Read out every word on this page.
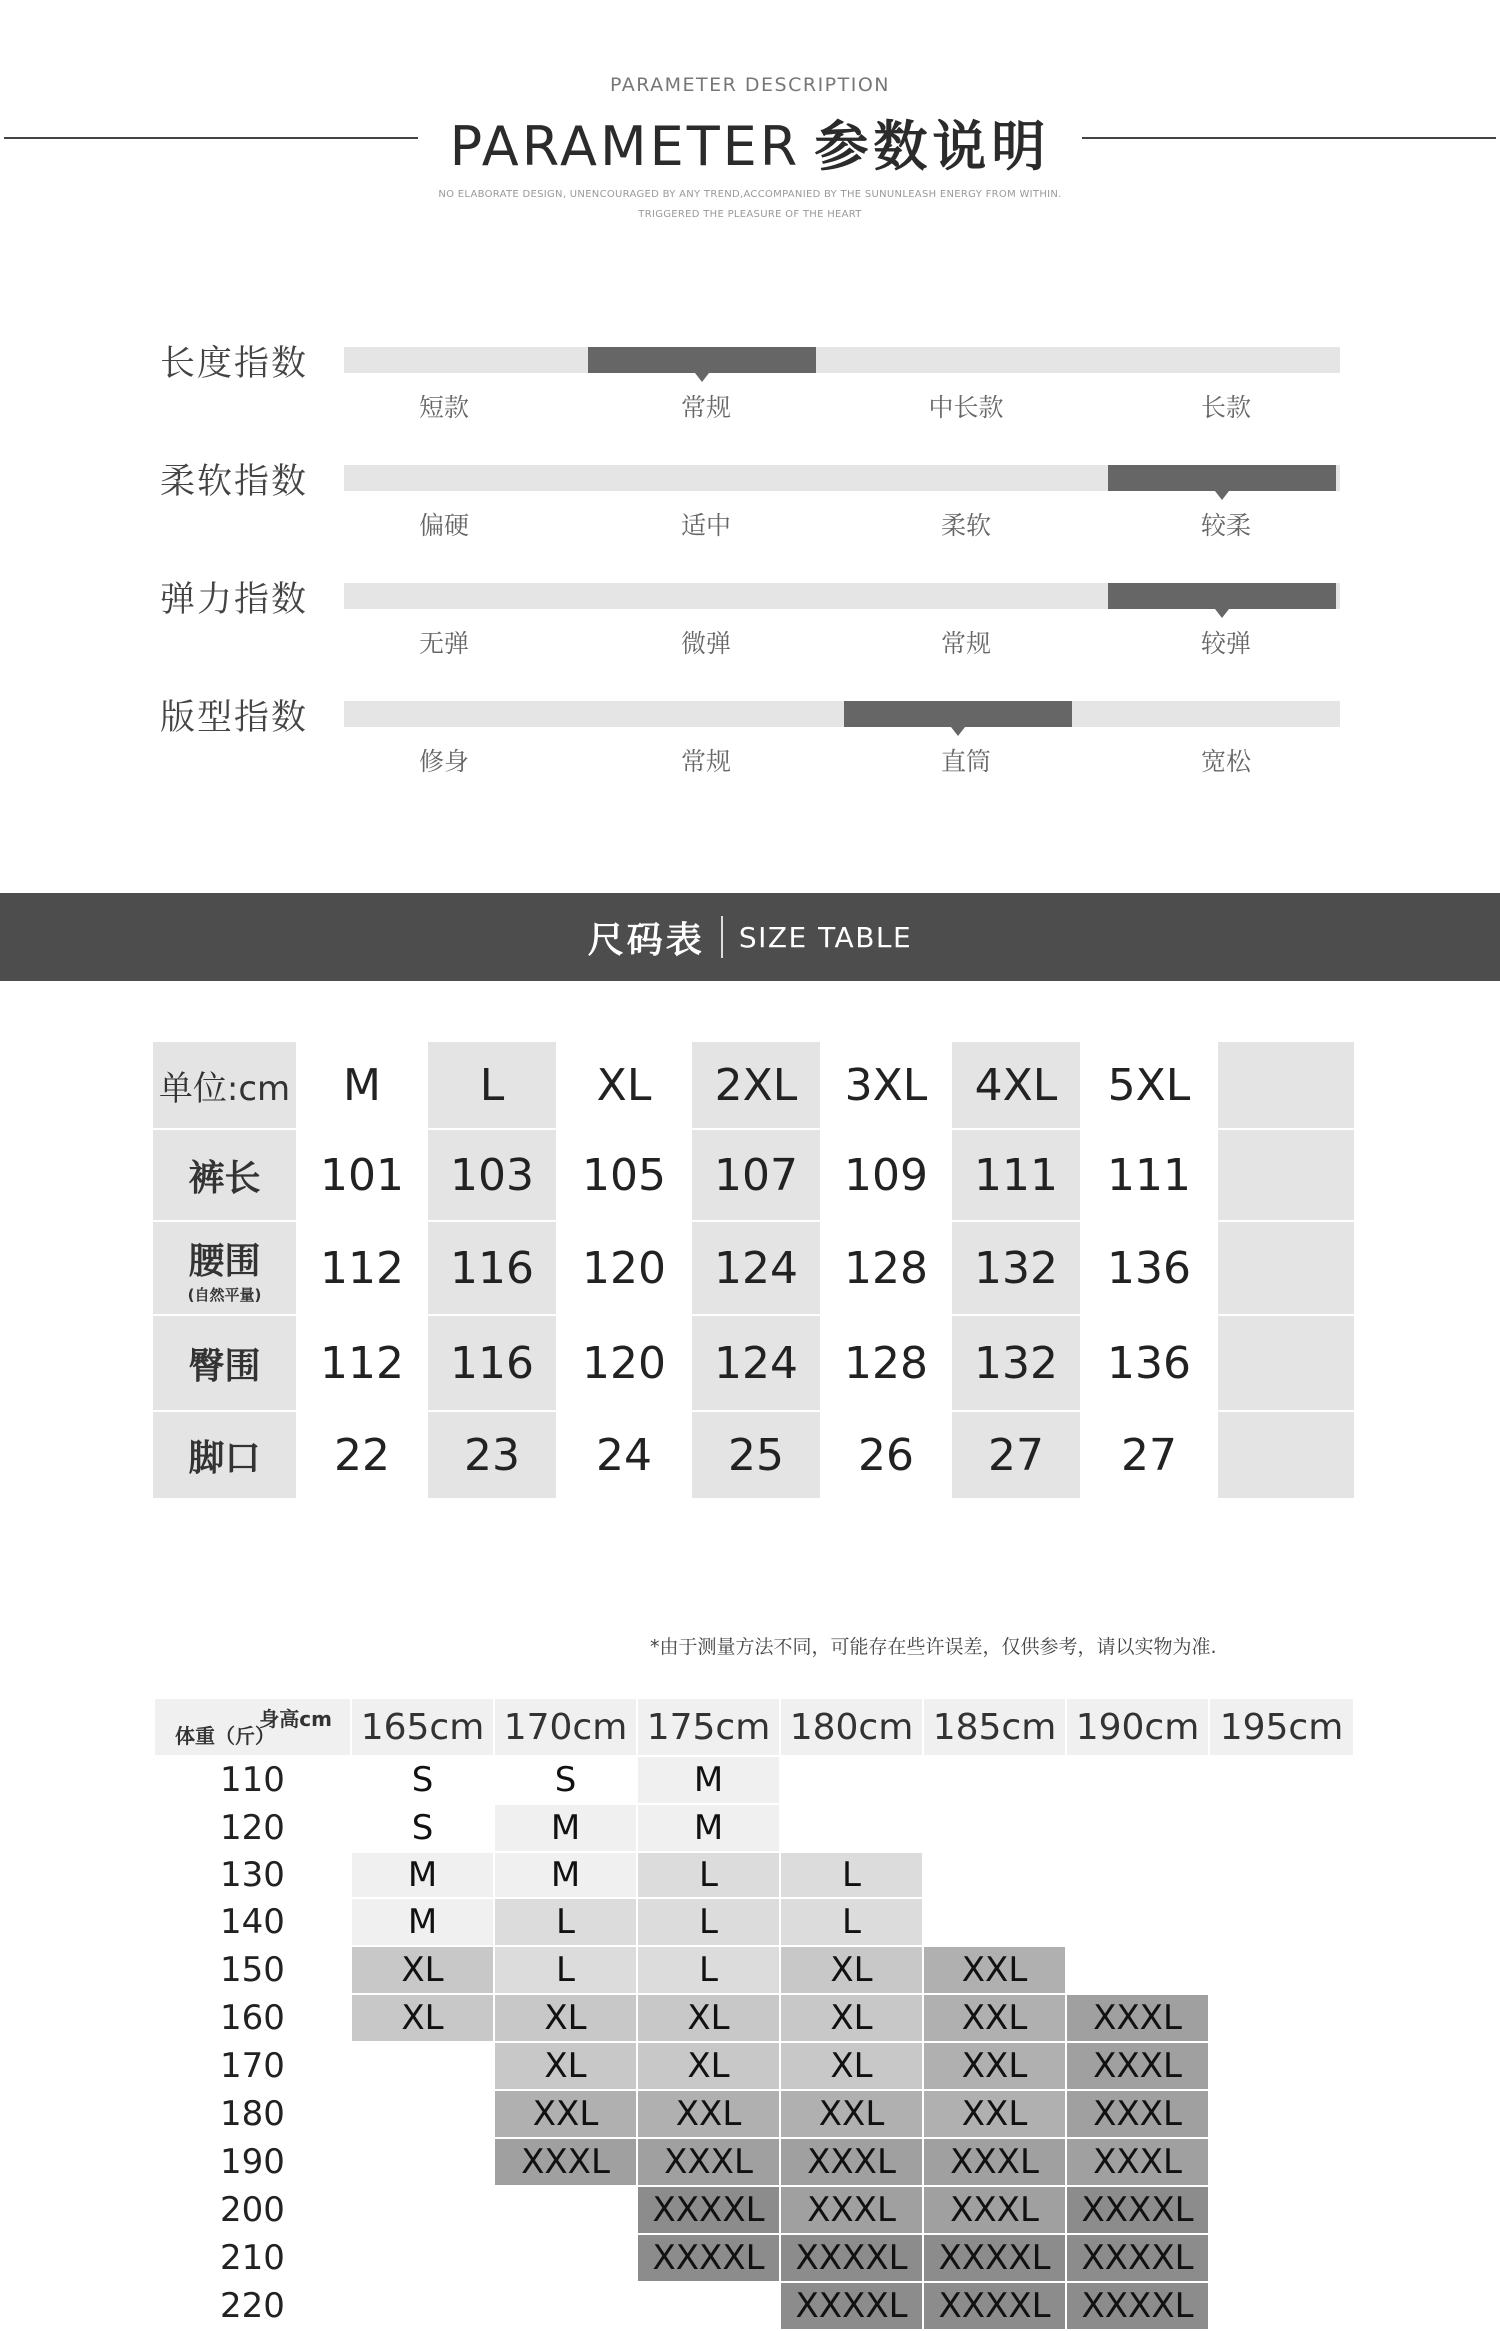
PARAMETER DESCRIPTION
PARAMETER 参数说明
NO ELABORATE DESIGN, UNENCOURAGED BY ANY TREND,ACCOMPANIED BY THE SUNUNLEASH ENERGY FROM WITHIN.
TRIGGERED THE PLEASURE OF THE HEART
长度指数
短款	常规	中长款	长款
柔软指数
偏硬	适中	柔软	较柔
弹力指数
无弹	微弹	常规	较弹
版型指数
修身	常规	直筒	宽松
尺码表 SIZE TABLE
单位:cm	M	L	XL	2XL	3XL	4XL	5XL	
裤长	101	103	105	107	109	111	111	
腰围
(自然平量)	112	116	120	124	128	132	136	
臀围	112	116	120	124	128	132	136	
脚口	22	23	24	25	26	27	27	
*由于测量方法不同，可能存在些许误差，仅供参考，请以实物为准.
身高cm
体重（斤）	165cm	170cm	175cm	180cm	185cm	190cm	195cm
110	S	S	M				
120	S	M	M				
130	M	M	L	L			
140	M	L	L	L			
150	XL	L	L	XL	XXL		
160	XL	XL	XL	XL	XXL	XXXL	
170		XL	XL	XL	XXL	XXXL	
180		XXL	XXL	XXL	XXL	XXXL	
190		XXXL	XXXL	XXXL	XXXL	XXXL	
200			XXXXL	XXXL	XXXL	XXXXL	
210			XXXXL	XXXXL	XXXXL	XXXXL	
220				XXXXL	XXXXL	XXXXL	
